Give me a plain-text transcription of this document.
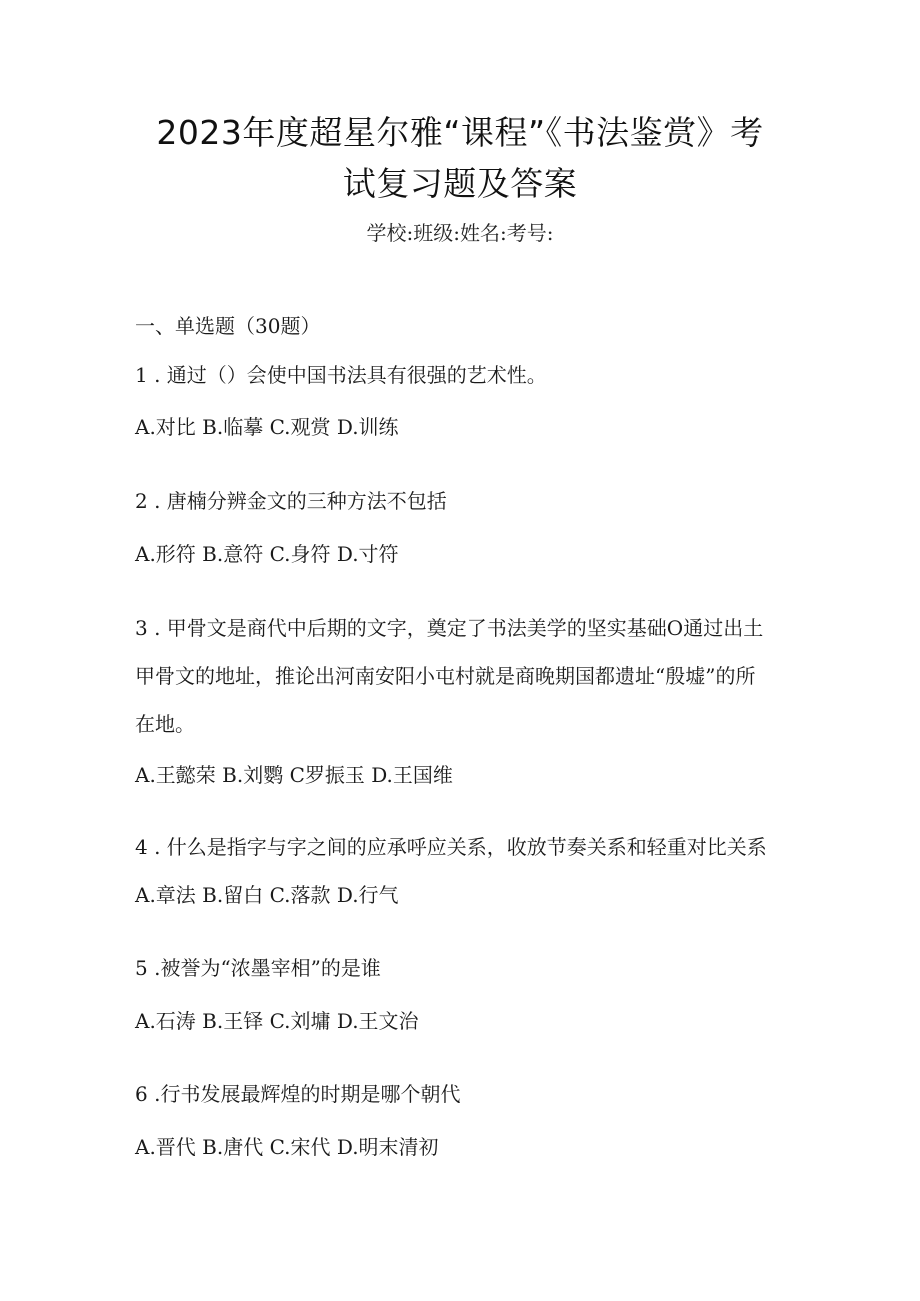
2023年度超星尔雅“课程”《书法鉴赏》考
试复习题及答案
学校:班级:姓名:考号:
一、单选题（30题）
1 . 通过（）会使中国书法具有很强的艺术性。
A.对比 B.临摹 C.观赏 D.训练
2 . 唐楠分辨金文的三种方法不包括
A.形符 B.意符 C.身符 D.寸符
3 . 甲骨文是商代中后期的文字，奠定了书法美学的坚实基础O通过出土
甲骨文的地址，推论出河南安阳小屯村就是商晚期国都遗址“殷墟”的所
在地。
A.王懿荣 B.刘鹦 C罗振玉 D.王国维
4 . 什么是指字与字之间的应承呼应关系，收放节奏关系和轻重对比关系
A.章法 B.留白 C.落款 D.行气
5 .被誉为“浓墨宰相”的是谁
A.石涛 B.王铎 C.刘墉 D.王文治
6 .行书发展最辉煌的时期是哪个朝代
A.晋代 B.唐代 C.宋代 D.明末清初
